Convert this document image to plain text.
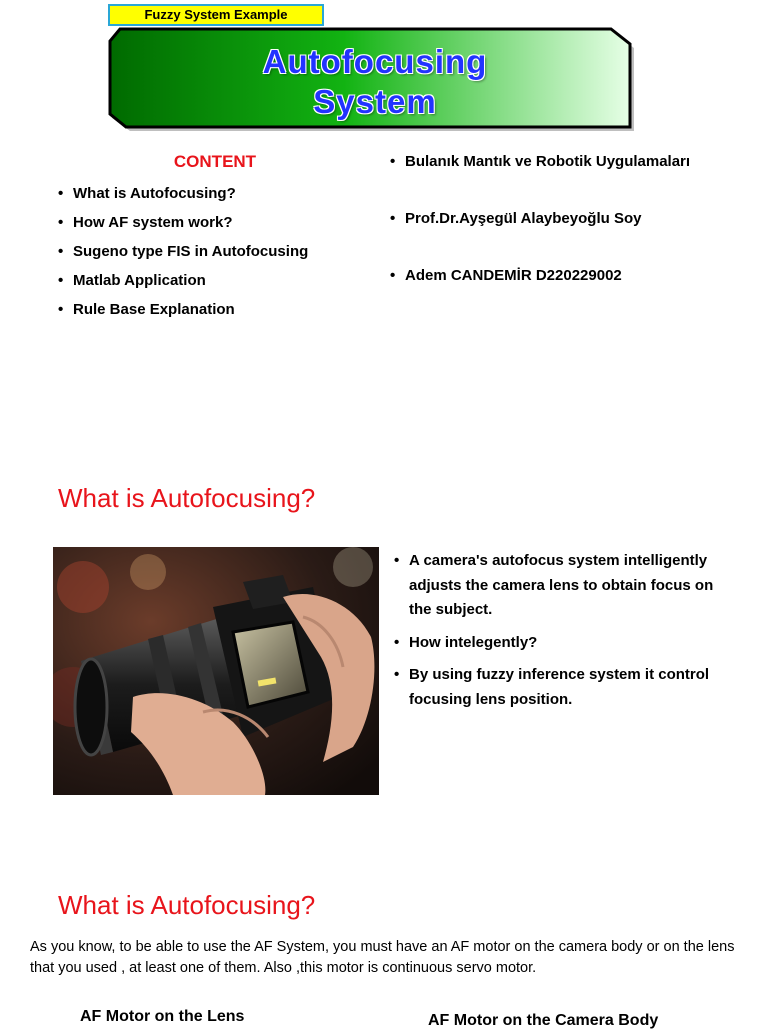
Fuzzy System Example
Autofocusing
System
CONTENT
• What is Autofocusing?
• How AF system work?
• Sugeno type FIS in Autofocusing
• Matlab Application
• Rule Base Explanation
• Bulanık Mantık ve Robotik Uygulamaları
• Prof.Dr.Ayşegül Alaybeyoğlu Soy
• Adem CANDEMİR D220229002
What is Autofocusing?
• A camera's autofocus system intelligently adjusts the camera lens to obtain focus on the subject.
• How intelegently?
• By using fuzzy inference system it control focusing lens position.
What is Autofocusing?
As you know, to be able to use the AF System, you must have an AF motor on the camera body or on the lens that you used , at least one of them. Also ,this motor is continuous servo motor.
AF Motor on the Lens	AF Motor on the Camera Body
